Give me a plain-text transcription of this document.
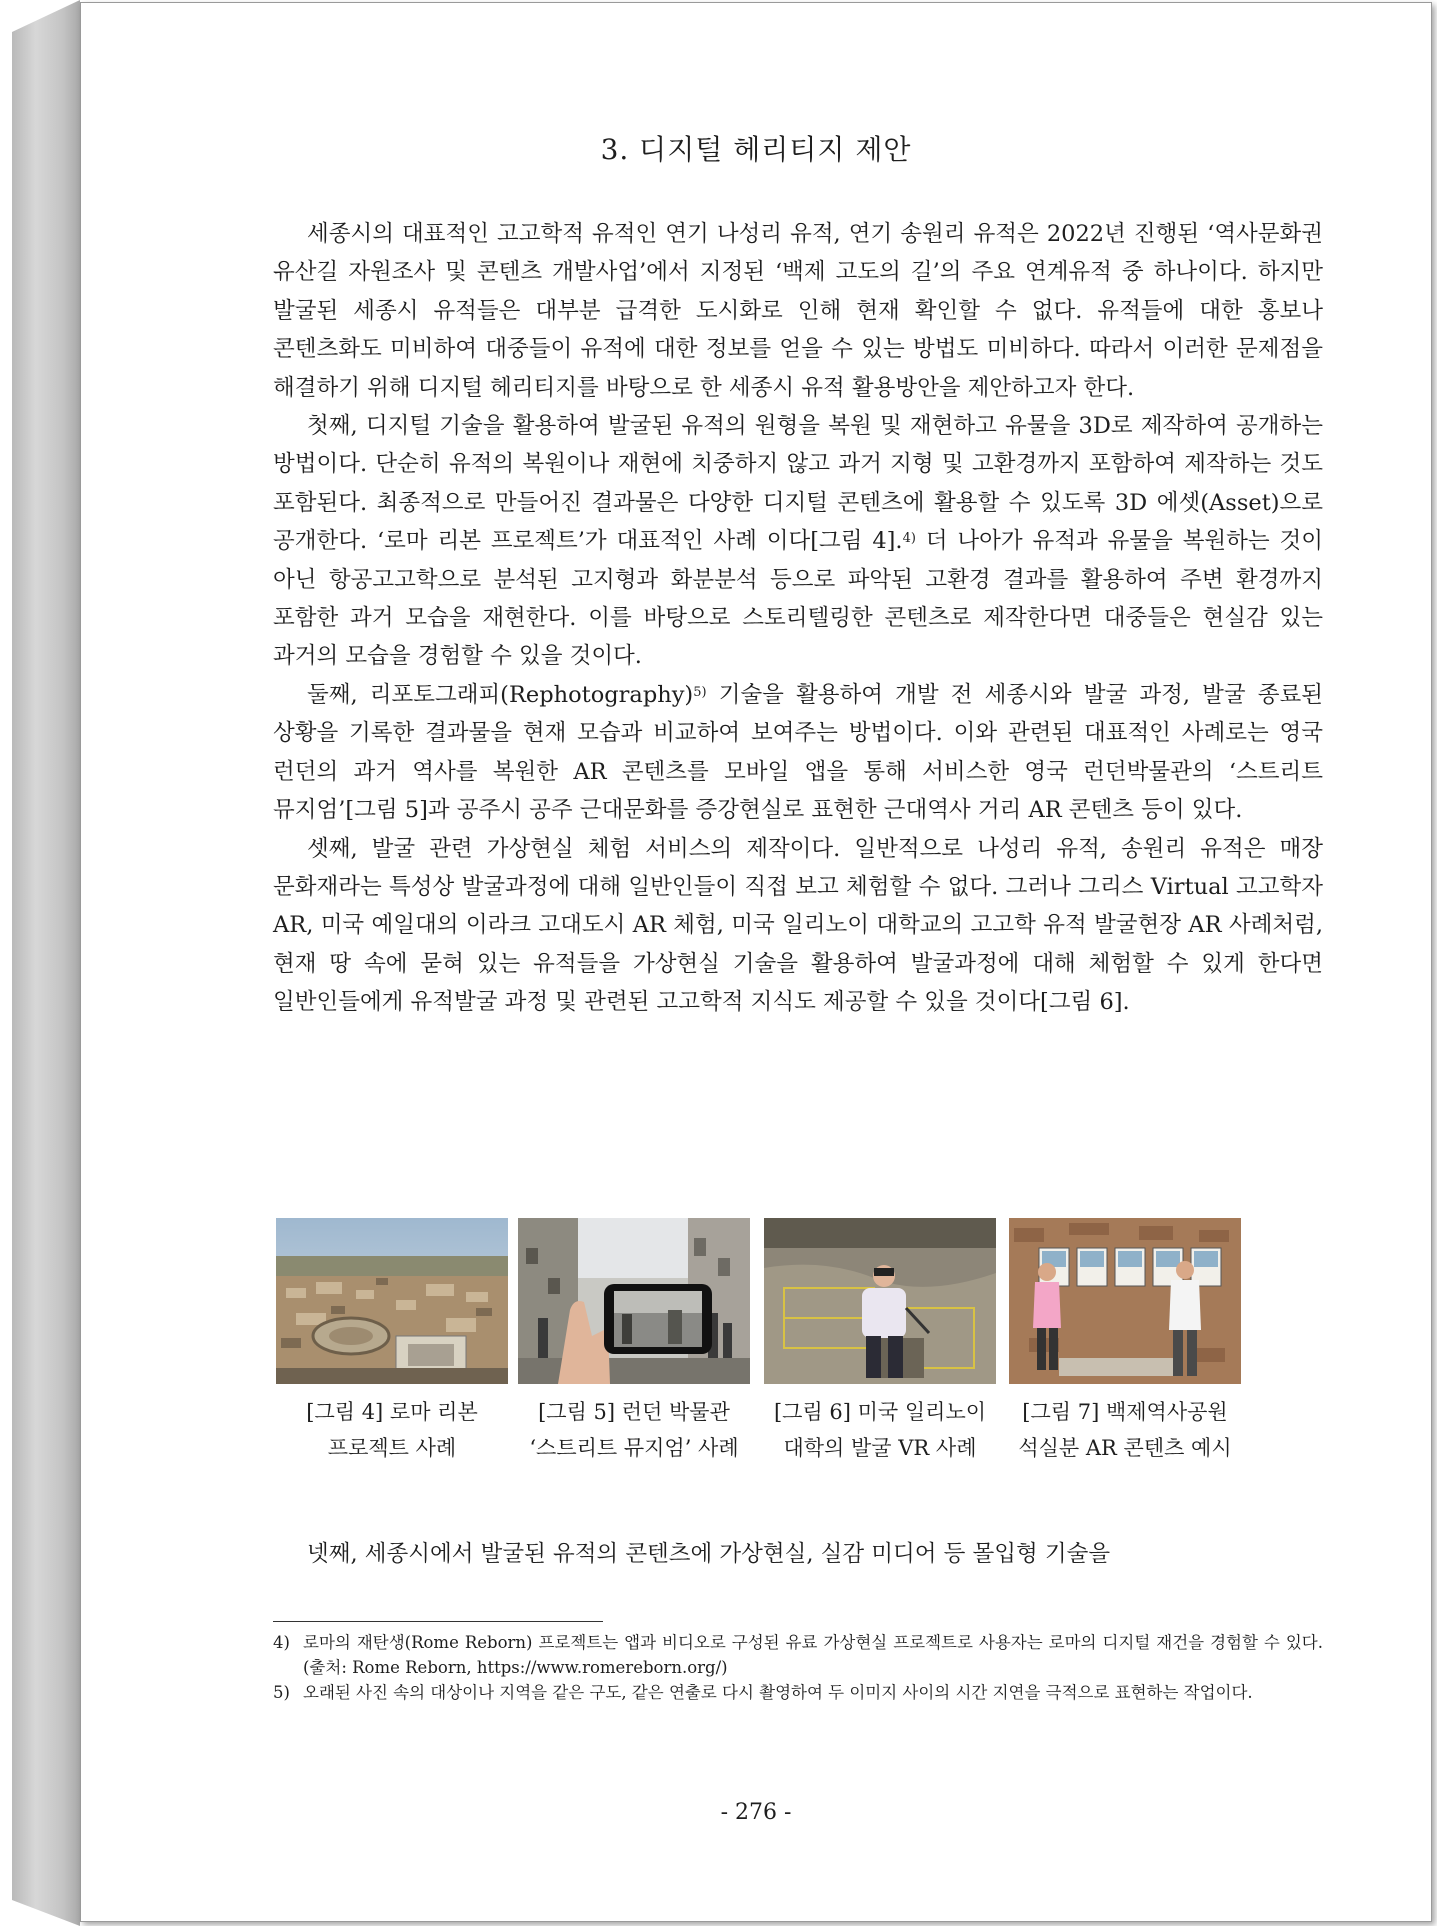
3. 디지털 헤리티지 제안

세종시의 대표적인 고고학적 유적인 연기 나성리 유적, 연기 송원리 유적은 2022년 진행된 ‘역사문화권 유산길 자원조사 및 콘텐츠 개발사업’에서 지정된 ‘백제 고도의 길’의 주요 연계유적 중 하나이다. 하지만 발굴된 세종시 유적들은 대부분 급격한 도시화로 인해 현재 확인할 수 없다. 유적들에 대한 홍보나 콘텐츠화도 미비하여 대중들이 유적에 대한 정보를 얻을 수 있는 방법도 미비하다. 따라서 이러한 문제점을 해결하기 위해 디지털 헤리티지를 바탕으로 한 세종시 유적 활용방안을 제안하고자 한다.

첫째, 디지털 기술을 활용하여 발굴된 유적의 원형을 복원 및 재현하고 유물을 3D로 제작하여 공개하는 방법이다. 단순히 유적의 복원이나 재현에 치중하지 않고 과거 지형 및 고환경까지 포함하여 제작하는 것도 포함된다. 최종적으로 만들어진 결과물은 다양한 디지털 콘텐츠에 활용할 수 있도록 3D 에셋(Asset)으로 공개한다. ‘로마 리본 프로젝트’가 대표적인 사례 이다[그림 4].$^{4)}$ 더 나아가 유적과 유물을 복원하는 것이 아닌 항공고고학으로 분석된 고지형과 화분분석 등으로 파악된 고환경 결과를 활용하여 주변 환경까지 포함한 과거 모습을 재현한다. 이를 바탕으로 스토리텔링한 콘텐츠로 제작한다면 대중들은 현실감 있는 과거의 모습을 경험할 수 있을 것이다.

둘째, 리포토그래피(Rephotography)$^{5)}$ 기술을 활용하여 개발 전 세종시와 발굴 과정, 발굴 종료된 상황을 기록한 결과물을 현재 모습과 비교하여 보여주는 방법이다. 이와 관련된 대표적인 사례로는 영국 런던의 과거 역사를 복원한 AR 콘텐츠를 모바일 앱을 통해 서비스한 영국 런던박물관의 ‘스트리트 뮤지엄’[그림 5]과 공주시 공주 근대문화를 증강현실로 표현한 근대역사 거리 AR 콘텐츠 등이 있다.

셋째, 발굴 관련 가상현실 체험 서비스의 제작이다. 일반적으로 나성리 유적, 송원리 유적은 매장 문화재라는 특성상 발굴과정에 대해 일반인들이 직접 보고 체험할 수 없다. 그러나 그리스 Virtual 고고학자 AR, 미국 예일대의 이라크 고대도시 AR 체험, 미국 일리노이 대학교의 고고학 유적 발굴현장 AR 사례처럼, 현재 땅 속에 묻혀 있는 유적들을 가상현실 기술을 활용하여 발굴과정에 대해 체험할 수 있게 한다면 일반인들에게 유적발굴 과정 및 관련된 고고학적 지식도 제공할 수 있을 것이다[그림 6].

[그림 4] 로마 리본 프로젝트 사례

[그림 5] 런던 박물관 ‘스트리트 뮤지엄’ 사례

[그림 6] 미국 일리노이 대학의 발굴 VR 사례

[그림 7] 백제역사공원 석실분 AR 콘텐츠 예시

넷째, 세종시에서 발굴된 유적의 콘텐츠에 가상현실, 실감 미디어 등 몰입형 기술을

4) 로마의 재탄생(Rome Reborn) 프로젝트는 앱과 비디오로 구성된 유료 가상현실 프로젝트로 사용자는 로마의 디지털 재건을 경험할 수 있다. (출처: Rome Reborn, https://www.romereborn.org/)

5) 오래된 사진 속의 대상이나 지역을 같은 구도, 같은 연출로 다시 촬영하여 두 이미지 사이의 시간 지연을 극적으로 표현하는 작업이다.

- 276 -
